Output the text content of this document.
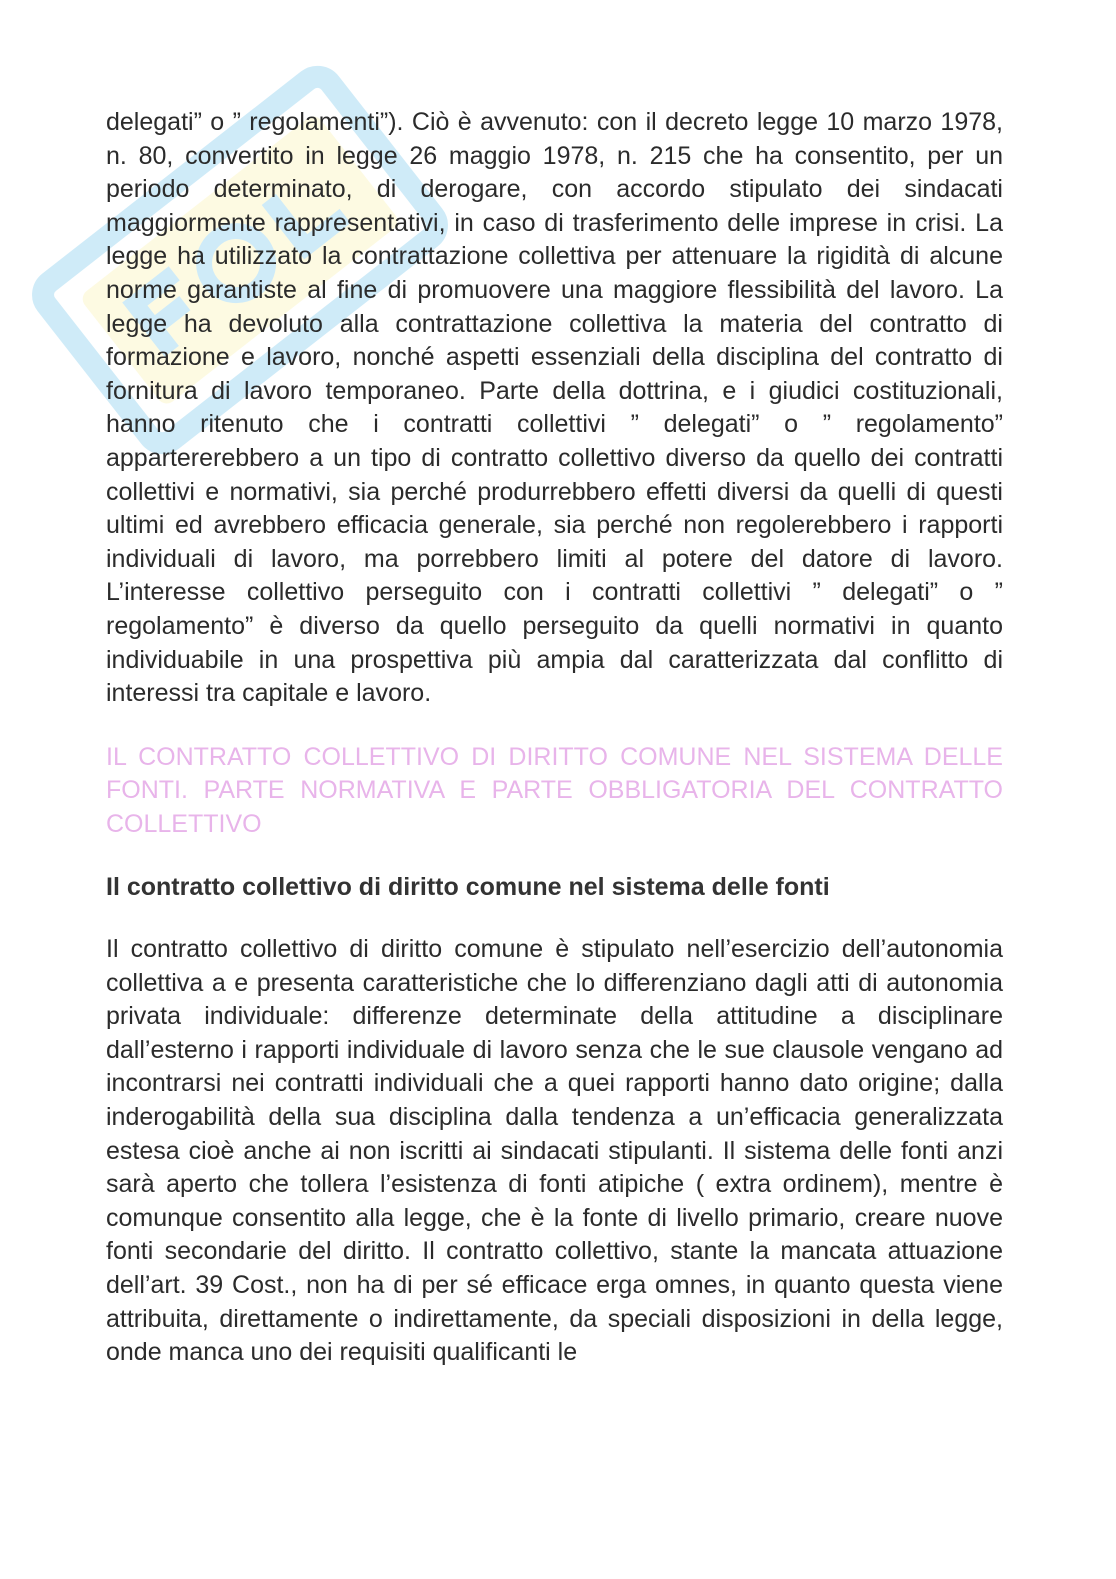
delegati” o ” regolamenti”). Ciò è avvenuto: con il decreto legge 10 marzo 1978, n. 80, convertito in legge 26 maggio 1978, n. 215 che ha consentito, per un periodo determinato, di derogare, con accordo stipulato dei sindacati maggiormente rappresentativi, in caso di trasferimento delle imprese in crisi. La legge ha utilizzato la contrattazione collettiva per attenuare la rigidità di alcune norme garantiste al fine di promuovere una maggiore flessibilità del lavoro. La legge ha devoluto alla contrattazione collettiva la materia del contratto di formazione e lavoro, nonché aspetti essenziali della disciplina del contratto di fornitura di lavoro temporaneo. Parte della dottrina, e i giudici costituzionali, hanno ritenuto che i contratti collettivi ” delegati” o ” regolamento” appartererebbero a un tipo di contratto collettivo diverso da quello dei contratti collettivi e normativi, sia perché produrrebbero effetti diversi da quelli di questi ultimi ed avrebbero efficacia generale, sia perché non regolerebbero i rapporti individuali di lavoro, ma porrebbero limiti al potere del datore di lavoro. L’interesse collettivo perseguito con i contratti collettivi ” delegati” o ” regolamento” è diverso da quello perseguito da quelli normativi in quanto individuabile in una prospettiva più ampia dal caratterizzata dal conflitto di interessi tra capitale e lavoro.

IL CONTRATTO COLLETTIVO DI DIRITTO COMUNE NEL SISTEMA DELLE FONTI. PARTE NORMATIVA E PARTE OBBLIGATORIA DEL CONTRATTO COLLETTIVO

Il contratto collettivo di diritto comune nel sistema delle fonti

Il contratto collettivo di diritto comune è stipulato nell’esercizio dell’autonomia collettiva a e presenta caratteristiche che lo differenziano dagli atti di autonomia privata individuale: differenze determinate della attitudine a disciplinare dall’esterno i rapporti individuale di lavoro senza che le sue clausole vengano ad incontrarsi nei contratti individuali che a quei rapporti hanno dato origine; dalla inderogabilità della sua disciplina dalla tendenza a un’efficacia generalizzata estesa cioè anche ai non iscritti ai sindacati stipulanti. Il sistema delle fonti anzi sarà aperto che tollera l’esistenza di fonti atipiche ( extra ordinem), mentre è comunque consentito alla legge, che è la fonte di livello primario, creare nuove fonti secondarie del diritto. Il contratto collettivo, stante la mancata attuazione dell’art. 39 Cost., non ha di per sé efficace erga omnes, in quanto questa viene attribuita, direttamente o indirettamente, da speciali disposizioni in della legge, onde manca uno dei requisiti qualificanti le
